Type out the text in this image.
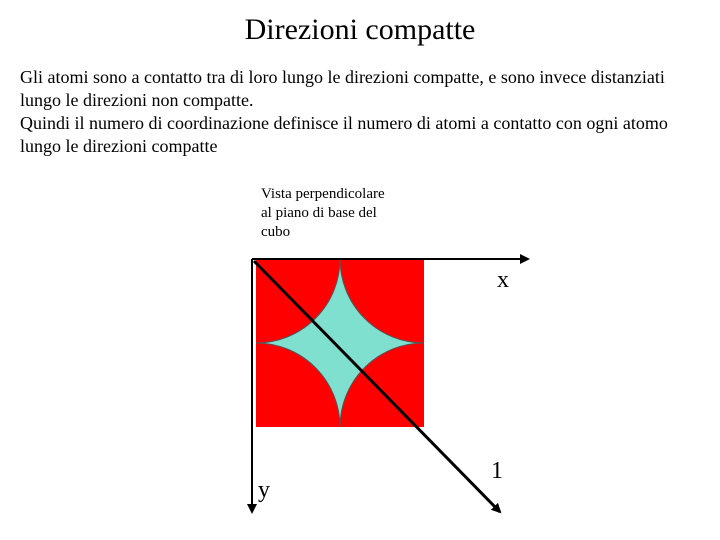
Direzioni compatte

Gli atomi sono a contatto tra di loro lungo le direzioni compatte, e sono invece distanziati lungo le direzioni non compatte.

Quindi il numero di coordinazione definisce il numero di atomi a contatto con ogni atomo lungo le direzioni compatte

Vista perpendicolare

al piano di base del

cubo

x
y
1
